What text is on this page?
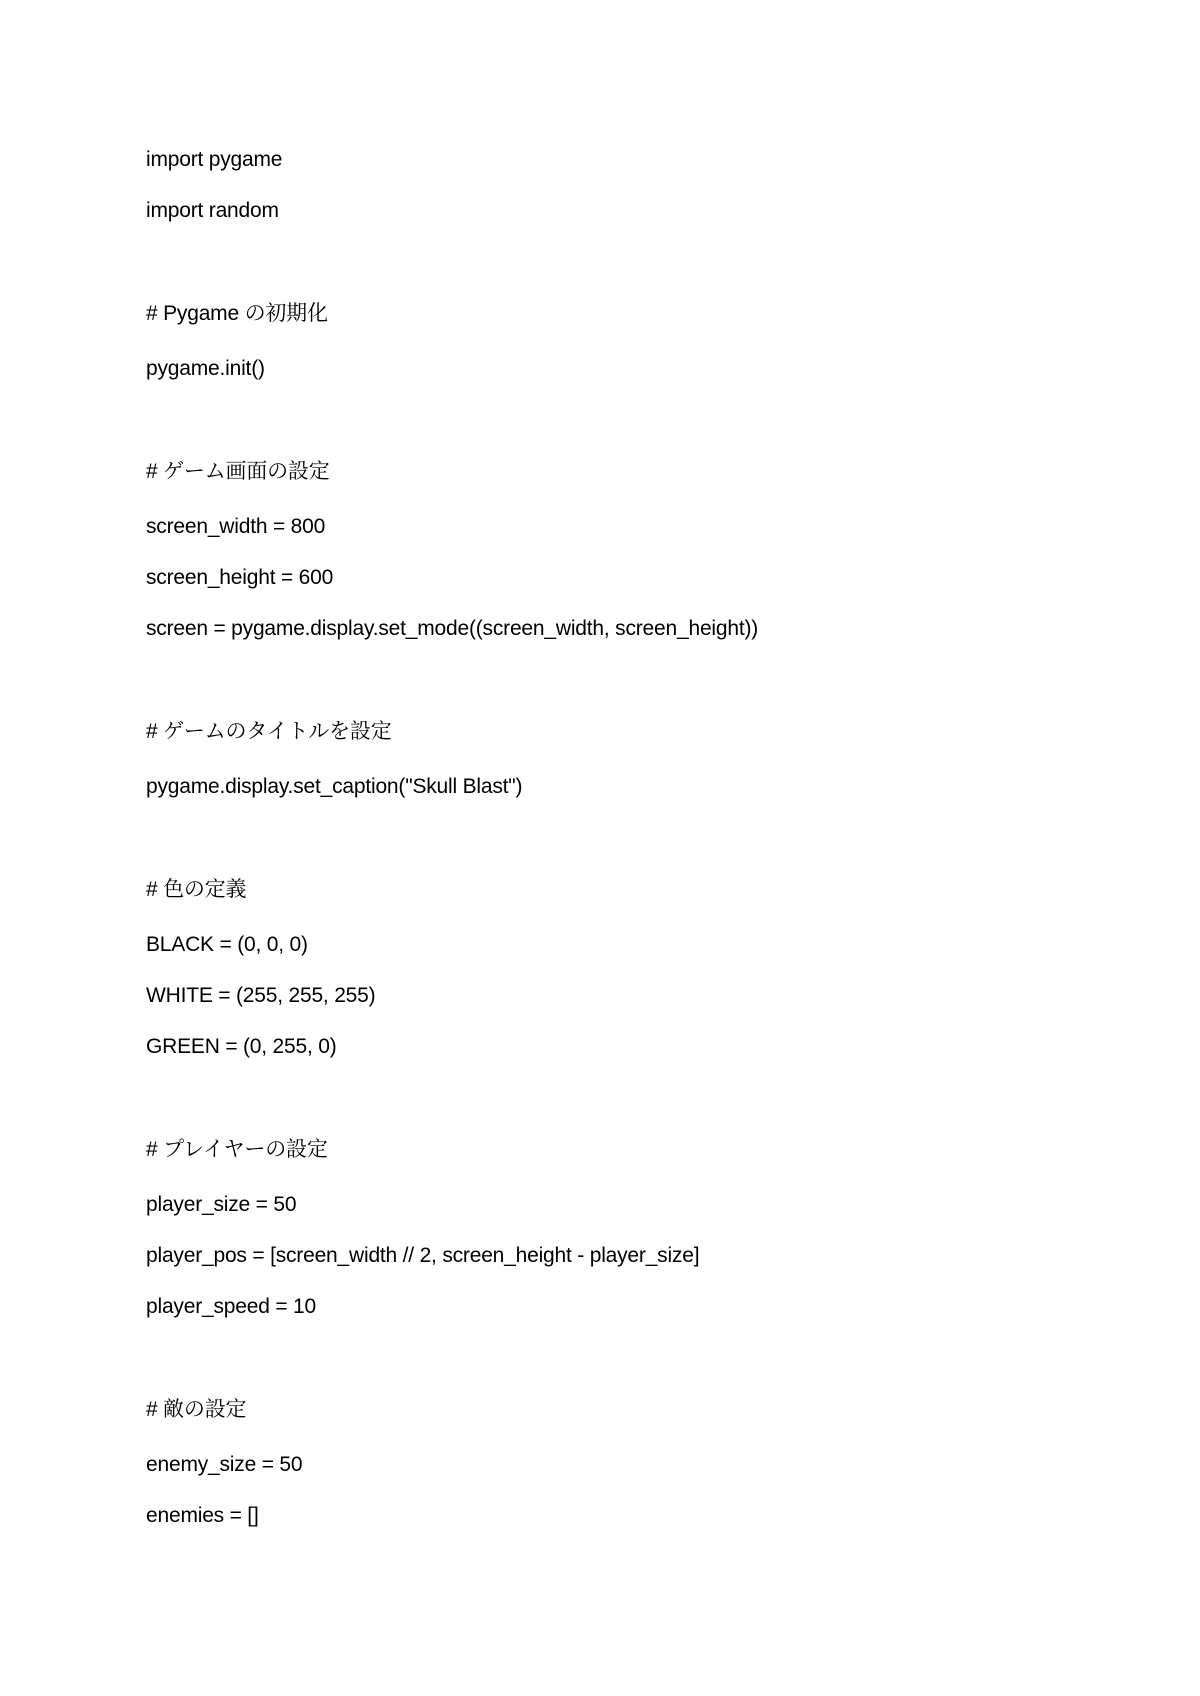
import pygame
import random
# Pygame の初期化
pygame.init()
# ゲーム画面の設定
screen_width = 800
screen_height = 600
screen = pygame.display.set_mode((screen_width, screen_height))
# ゲームのタイトルを設定
pygame.display.set_caption("Skull Blast")
# 色の定義
BLACK = (0, 0, 0)
WHITE = (255, 255, 255)
GREEN = (0, 255, 0)
# プレイヤーの設定
player_size = 50
player_pos = [screen_width // 2, screen_height - player_size]
player_speed = 10
# 敵の設定
enemy_size = 50
enemies = []
